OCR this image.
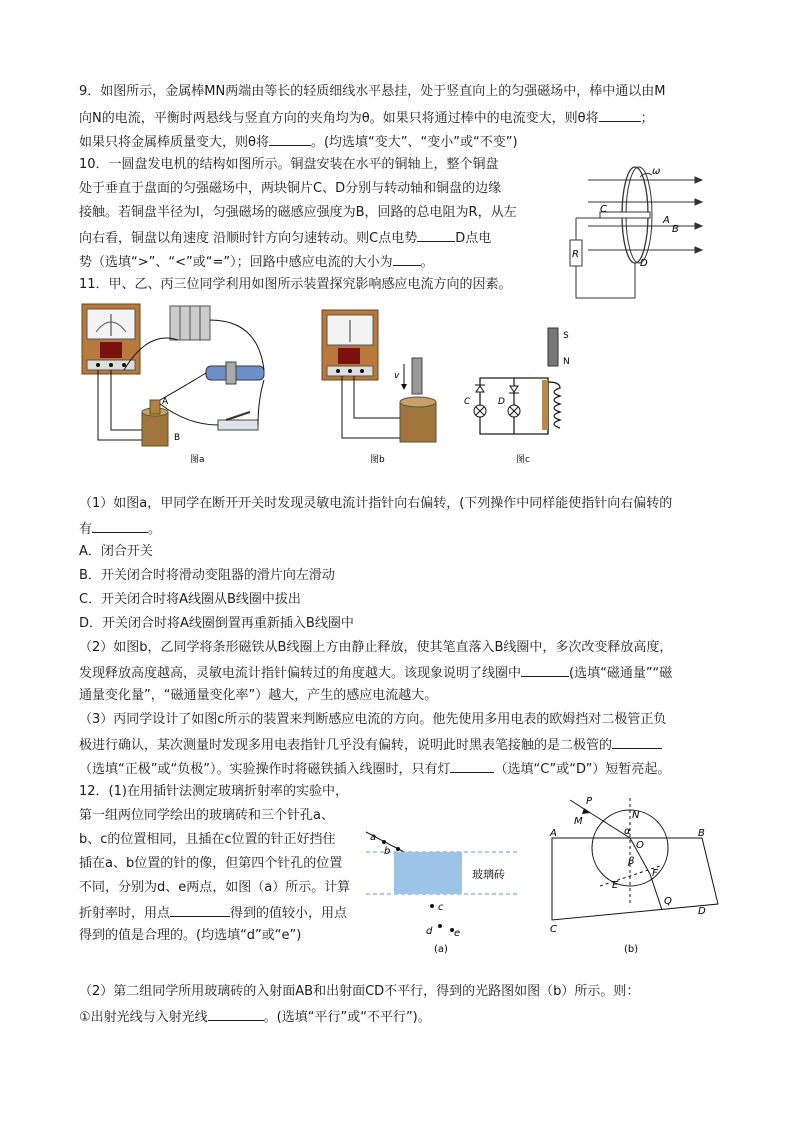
9．如图所示，金属棒MN两端由等长的轻质细线水平悬挂，处于竖直向上的匀强磁场中，棒中通以由M
向N的电流，平衡时两悬线与竖直方向的夹角均为θ。如果只将通过棒中的电流变大，则θ将	；
如果只将金属棒质量变大，则θ将	。(均选填“变大”、“变小”或“不变”)
10．一圆盘发电机的结构如图所示。铜盘安装在水平的铜轴上，整个铜盘
处于垂直于盘面的匀强磁场中，两块铜片C、D分别与转动轴和铜盘的边缘
接触。若铜盘半径为l，匀强磁场的磁感应强度为B，回路的总电阻为R，从左
向右看，铜盘以角速度 沿顺时针方向匀速转动。则C点电势	D点电
势（选填“>”、“<”或“=”）；回路中感应电流的大小为 。
ω
C
A
B
R
D
11．甲、乙、丙三位同学利用如图所示装置探究影响感应电流方向的因素。
A
B
图a
v
图b
S
N
C	D
图c
（1）如图a，甲同学在断开开关时发现灵敏电流计指针向右偏转，(下列操作中同样能使指针向右偏转的
有	。
A．闭合开关
B．开关闭合时将滑动变阻器的滑片向左滑动
C．开关闭合时将A线圈从B线圈中拔出
D．开关闭合时将A线圈倒置再重新插入B线圈中
（2）如图b，乙同学将条形磁铁从B线圈上方由静止释放，使其笔直落入B线圈中，多次改变释放高度，
发现释放高度越高，灵敏电流计指针偏转过的角度越大。该现象说明了线圈中	(选填“磁通量”“磁
通量变化量”，“磁通量变化率”）越大，产生的感应电流越大。
（3）丙同学设计了如图c所示的装置来判断感应电流的方向。他先使用多用电表的欧姆挡对二极管正负
极进行确认，某次测量时发现多用电表指针几乎没有偏转，说明此时黑表笔接触的是二极管的
（选填“正极”或“负极”）。实验操作时将磁铁插入线圈时，只有灯	（选填“C”或“D”）短暂亮起。
12．(1)在用插针法测定玻璃折射率的实验中，
第一组两位同学绘出的玻璃砖和三个针孔a、
b、c的位置相同，且插在c位置的针正好挡住
插在a、b位置的针的像，但第四个针孔的位置
不同，分别为d、e两点，如图（a）所示。计算
折射率时，用点	得到的值较小，用点
得到的值是合理的。(均选填“d”或“e”)
玻璃砖
a
b
c
d e
(a)
P
M
N
α
O
A	B
β
F
E
Q
C
D
(b)
（2）第二组同学所用玻璃砖的入射面AB和出射面CD不平行，得到的光路图如图（b）所示。则：
①出射光线与入射光线	。(选填“平行”或“不平行”)。
